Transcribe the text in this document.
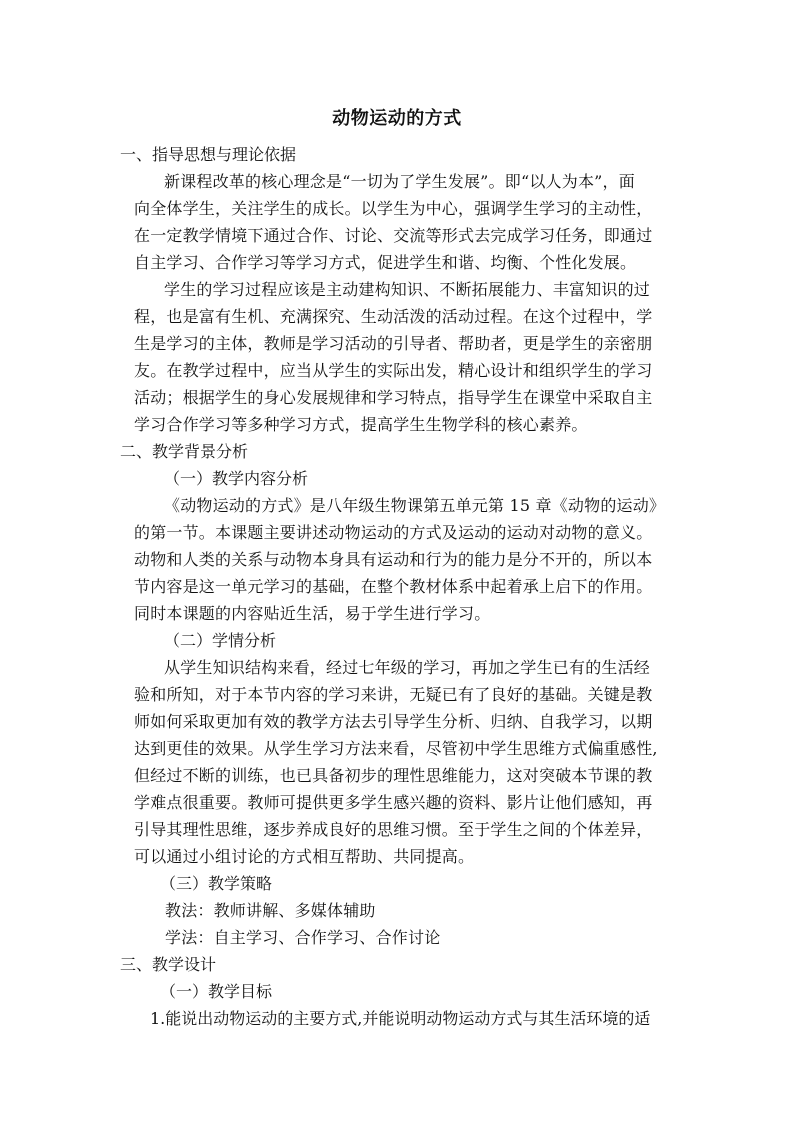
动物运动的方式
一、指导思想与理论依据
新课程改革的核心理念是“一切为了学生发展”。即“以人为本”，面
向全体学生，关注学生的成长。以学生为中心，强调学生学习的主动性，
在一定教学情境下通过合作、讨论、交流等形式去完成学习任务，即通过
自主学习、合作学习等学习方式，促进学生和谐、均衡、个性化发展。
学生的学习过程应该是主动建构知识、不断拓展能力、丰富知识的过
程，也是富有生机、充满探究、生动活泼的活动过程。在这个过程中，学
生是学习的主体，教师是学习活动的引导者、帮助者，更是学生的亲密朋
友。在教学过程中，应当从学生的实际出发，精心设计和组织学生的学习
活动；根据学生的身心发展规律和学习特点，指导学生在课堂中采取自主
学习合作学习等多种学习方式，提高学生生物学科的核心素养。
二、教学背景分析
（一）教学内容分析
《动物运动的方式》是八年级生物课第五单元第 15 章《动物的运动》
的第一节。本课题主要讲述动物运动的方式及运动的运动对动物的意义。
动物和人类的关系与动物本身具有运动和行为的能力是分不开的，所以本
节内容是这一单元学习的基础，在整个教材体系中起着承上启下的作用。
同时本课题的内容贴近生活，易于学生进行学习。
（二）学情分析
从学生知识结构来看，经过七年级的学习，再加之学生已有的生活经
验和所知，对于本节内容的学习来讲，无疑已有了良好的基础。关键是教
师如何采取更加有效的教学方法去引导学生分析、归纳、自我学习，以期
达到更佳的效果。从学生学习方法来看，尽管初中学生思维方式偏重感性,
但经过不断的训练，也已具备初步的理性思维能力，这对突破本节课的教
学难点很重要。教师可提供更多学生感兴趣的资料、影片让他们感知，再
引导其理性思维，逐步养成良好的思维习惯。至于学生之间的个体差异，
可以通过小组讨论的方式相互帮助、共同提高。
（三）教学策略
教法：教师讲解、多媒体辅助
学法：自主学习、合作学习、合作讨论
三、教学设计
（一）教学目标
1.能说出动物运动的主要方式,并能说明动物运动方式与其生活环境的适
